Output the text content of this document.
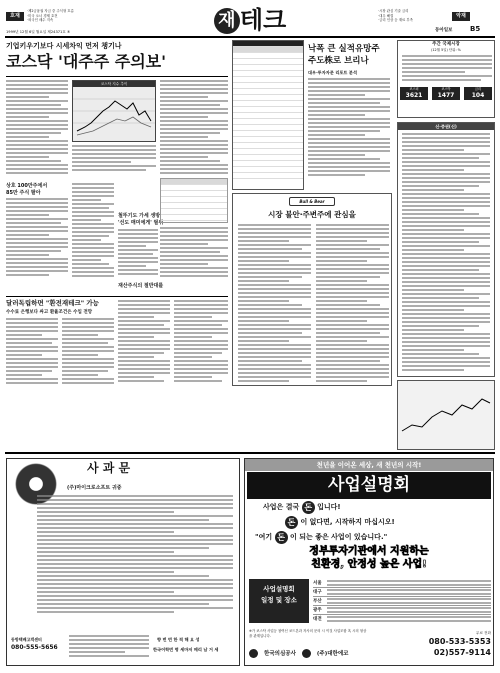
호재
·제2금융권 자금 중 주식형 흐름
·미국 오너 경제 호전
·외국인 매수 지속	재 테크	·시장 관심 기술 금리
·대우 해결
·금리 인상 등 재료 부족
악재
1999년 12월 6일 월요일 제24371호 ⑤	동아일보	B5
기업키우기보다 시세차익 먼저 챙기나
코스닥 '대주주 주의보'
코스닥 지수 추이
상호 100만주에서
85만 주식 팔아
철뚜기도 가세 생방
'선도 매미에게' 필위
재산주식의 절반대를
달러독립하면 "환전재테크" 가능
수수료 은행보다 싸고 환율조건은 수입 전망
낙폭 큰 실적유망주
주도株로 브리나
대우·투자자문 리포트 분석
주간 국제시장
(12월 5일) 단위: %
코스피
3621
코스닥
1477
금리
104
신·증권(신)
Bull & Bear
시장 불안·주변주에 관심을
사 과 문
(주)마이크로소프트 귀중
동방택배고객센터
080-555-5656
향 번 번 한 적 해 요 성
한국어학번 명 세마저 메리 남 거 세
천년을 이어온 세상, 새 천년의 시작!
사업설명회
사업은 결국 돈 입니다!
돈 이 없다면, 시작하지 마십시오!
"여기 돈 이 되는 좋은 사업이 있습니다."
정부투자기관에서 지원하는
친환경, 안정성 높은 사업!
사업설명회
일정 및 장소
서울
대구
부산
광주
대전
※가 코스닥 사업등 참여신 코드본과 자사의 문의 시 이것 사업모합 혹 시의 형상을 관계입니다.
한국의심공사	(주)대한에코
무료 전화
080-533-5353
02)557-9114
